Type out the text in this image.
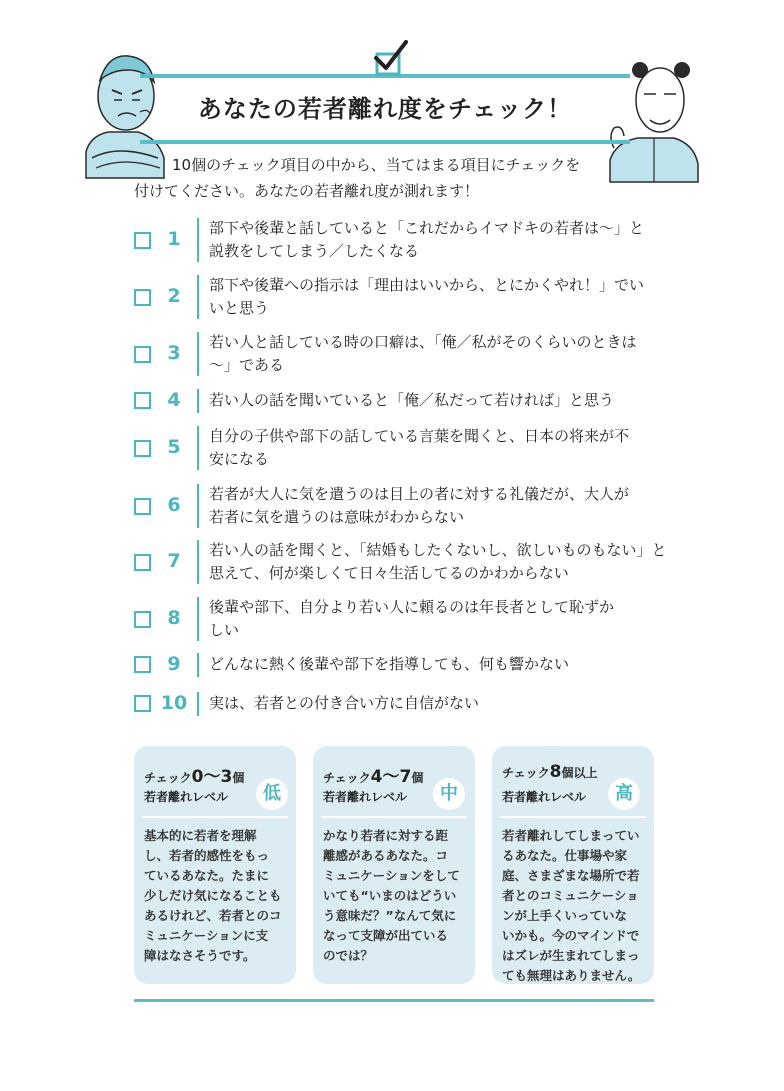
あなたの若者離れ度をチェック！
10個のチェック項目の中から、当てはまる項目にチェックを
付けてください。あなたの若者離れ度が測れます！
1	部下や後輩と話していると「これだからイマドキの若者は〜」と
説教をしてしまう／したくなる
2	部下や後輩への指示は「理由はいいから、とにかくやれ！」でい
いと思う
3	若い人と話している時の口癖は、「俺／私がそのくらいのときは
〜」である
4	若い人の話を聞いていると「俺／私だって若ければ」と思う
5	自分の子供や部下の話している言葉を聞くと、日本の将来が不
安になる
6	若者が大人に気を遣うのは目上の者に対する礼儀だが、大人が
若者に気を遣うのは意味がわからない
7	若い人の話を聞くと、「結婚もしたくないし、欲しいものもない」と
思えて、何が楽しくて日々生活してるのかわからない
8	後輩や部下、自分より若い人に頼るのは年長者として恥ずか
しい
9	どんなに熱く後輩や部下を指導しても、何も響かない
10	実は、若者との付き合い方に自信がない
チェック0〜3個
若者離れレベル	低
基本的に若者を理解
し、若者的感性をもっ
ているあなた。たまに
少しだけ気になることも
あるけれど、若者とのコ
ミュニケーションに支
障はなさそうです。
チェック4〜7個
若者離れレベル	中
かなり若者に対する距
離感があるあなた。コ
ミュニケーションをして
いても“いまのはどうい
う意味だ？”なんて気に
なって支障が出ている
のでは？
チェック8個以上
若者離れレベル	高
若者離れしてしまってい
るあなた。仕事場や家
庭、さまざまな場所で若
者とのコミュニケーショ
ンが上手くいっていな
いかも。今のマインドで
はズレが生まれてしまっ
ても無理はありません。
